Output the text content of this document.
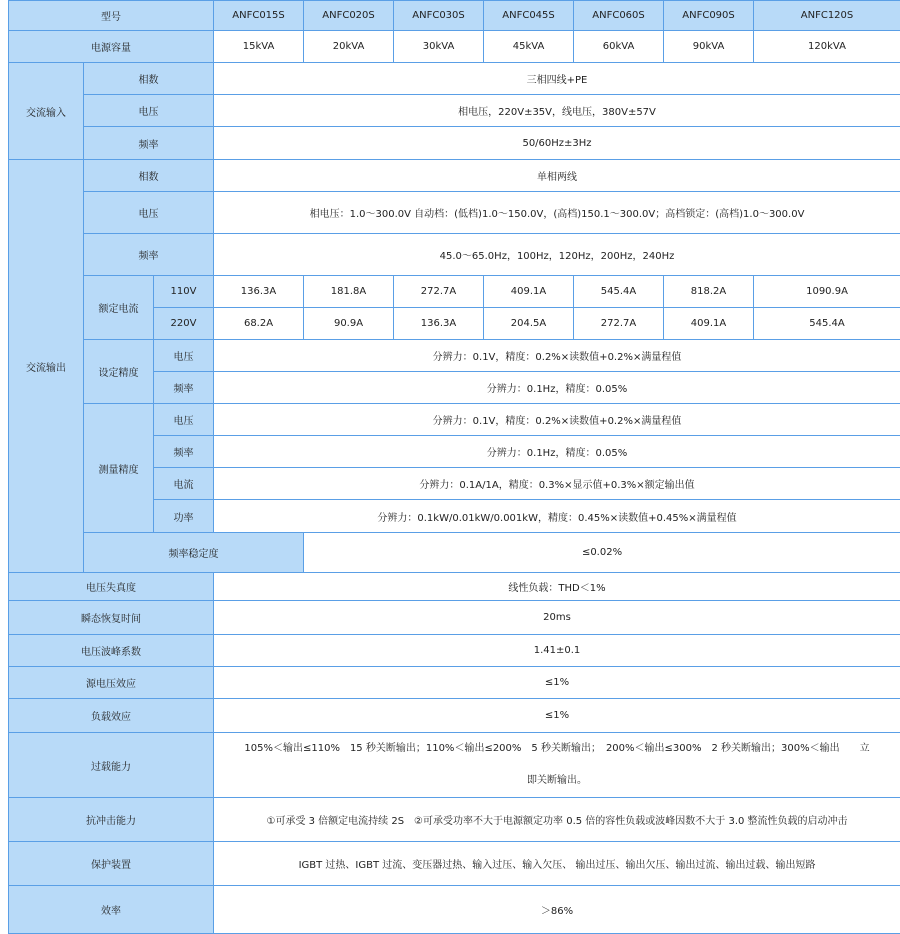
型号			ANFC015S	ANFC020S	ANFC030S	ANFC045S	ANFC060S	ANFC090S	ANFC120S
电源容量			15kVA	20kVA	30kVA	45kVA	60kVA	90kVA	120kVA
交流输入	相数		三相四线+PE						
	电压		相电压，220V±35V，线电压，380V±57V						
	频率		50/60Hz±3Hz						
交流输出	相数		单相两线						
	电压		相电压：1.0～300.0V 自动档：(低档)1.0～150.0V，(高档)150.1～300.0V；高档锁定：(高档)1.0～300.0V						
	频率		45.0～65.0Hz，100Hz，120Hz，200Hz，240Hz						
	额定电流	110V	136.3A	181.8A	272.7A	409.1A	545.4A	818.2A	1090.9A
		220V	68.2A	90.9A	136.3A	204.5A	272.7A	409.1A	545.4A
	设定精度	电压	分辨力：0.1V，精度：0.2%×读数值+0.2%×满量程值						
		频率	分辨力：0.1Hz，精度：0.05%						
	测量精度	电压	分辨力：0.1V，精度：0.2%×读数值+0.2%×满量程值						
		频率	分辨力：0.1Hz，精度：0.05%						
		电流	分辨力：0.1A/1A，精度：0.3%×显示值+0.3%×额定输出值						
		功率	分辨力：0.1kW/0.01kW/0.001kW，精度：0.45%×读数值+0.45%×满量程值						
	频率稳定度			≤0.02%					
电压失真度			线性负载：THD＜1%						
瞬态恢复时间			20ms						
电压波峰系数			1.41±0.1						
源电压效应			≤1%						
负载效应			≤1%						
过载能力			105%＜输出≤110%　15 秒关断输出；110%＜输出≤200%　5 秒关断输出；　200%＜输出≤300%　2 秒关断输出；300%＜输出　　立
即关断输出。						

抗冲击能力			①可承受 3 倍额定电流持续 2S　②可承受功率不大于电源额定功率 0.5 倍的容性负载或波峰因数不大于 3.0 整流性负载的启动冲击						
保护装置			IGBT 过热、IGBT 过流、变压器过热、输入过压、输入欠压、 输出过压、输出欠压、输出过流、输出过载、输出短路						
效率			＞86%						
